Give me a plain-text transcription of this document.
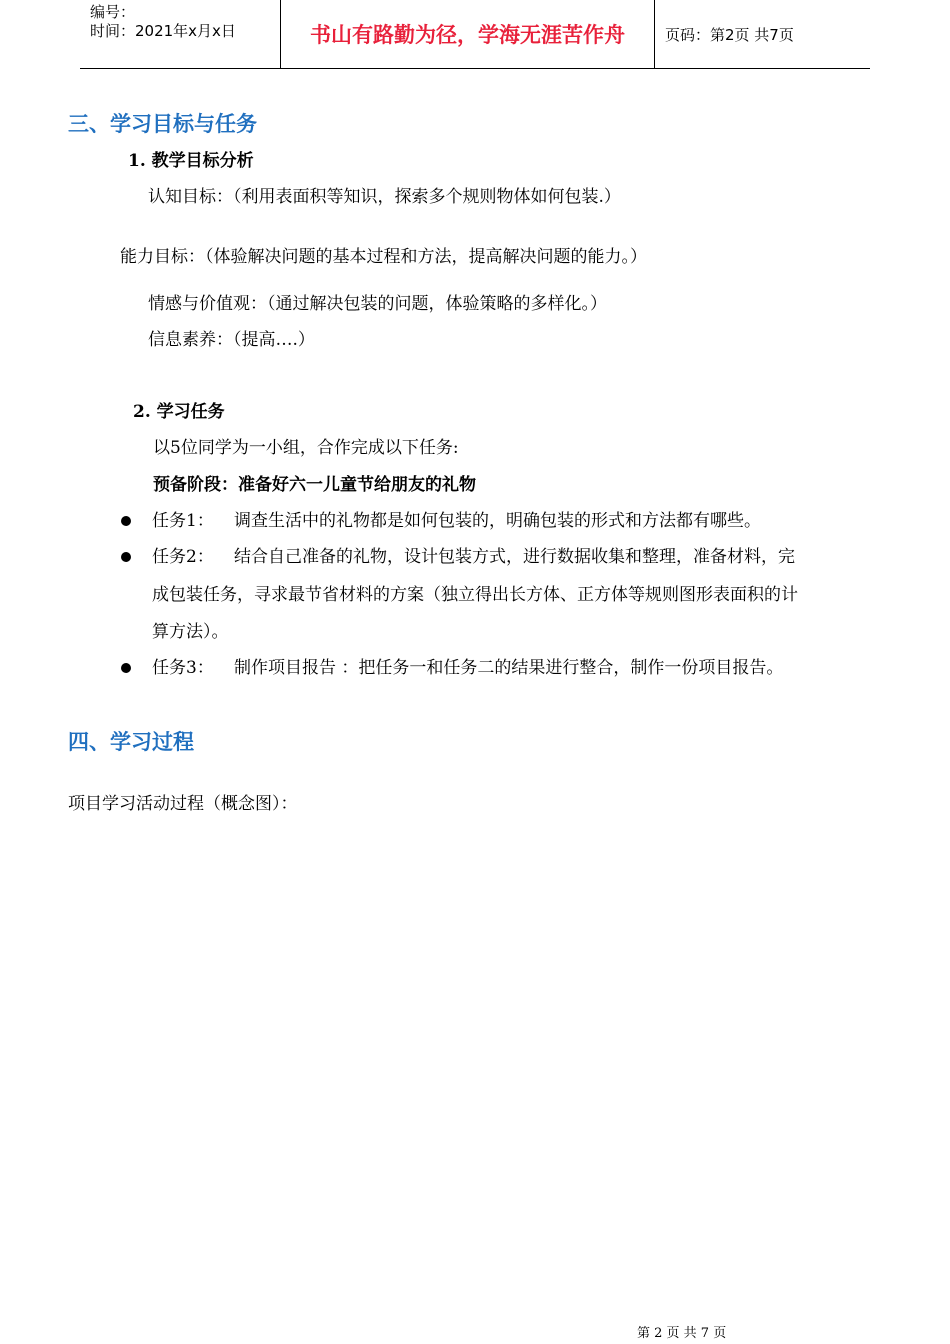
编号：
时间：2021年x月x日	书山有路勤为径，学海无涯苦作舟	页码：第2页 共7页
三、学习目标与任务
1. 教学目标分析
认知目标：（利用表面积等知识，探索多个规则物体如何包装.）
能力目标：（体验解决问题的基本过程和方法，提高解决问题的能力。）
情感与价值观：（通过解决包装的问题，体验策略的多样化。）
信息素养：（提高….）
2. 学习任务
以5位同学为一小组，合作完成以下任务:
预备阶段：准备好六一儿童节给朋友的礼物
任务1： 调查生活中的礼物都是如何包装的，明确包装的形式和方法都有哪些。
任务2： 结合自己准备的礼物，设计包装方式，进行数据收集和整理，准备材料，完
成包装任务，寻求最节省材料的方案（独立得出长方体、正方体等规则图形表面积的计
算方法）。
任务3： 制作项目报告 ：把任务一和任务二的结果进行整合，制作一份项目报告。
四、学习过程
项目学习活动过程（概念图）：
第 2 页 共 7 页
